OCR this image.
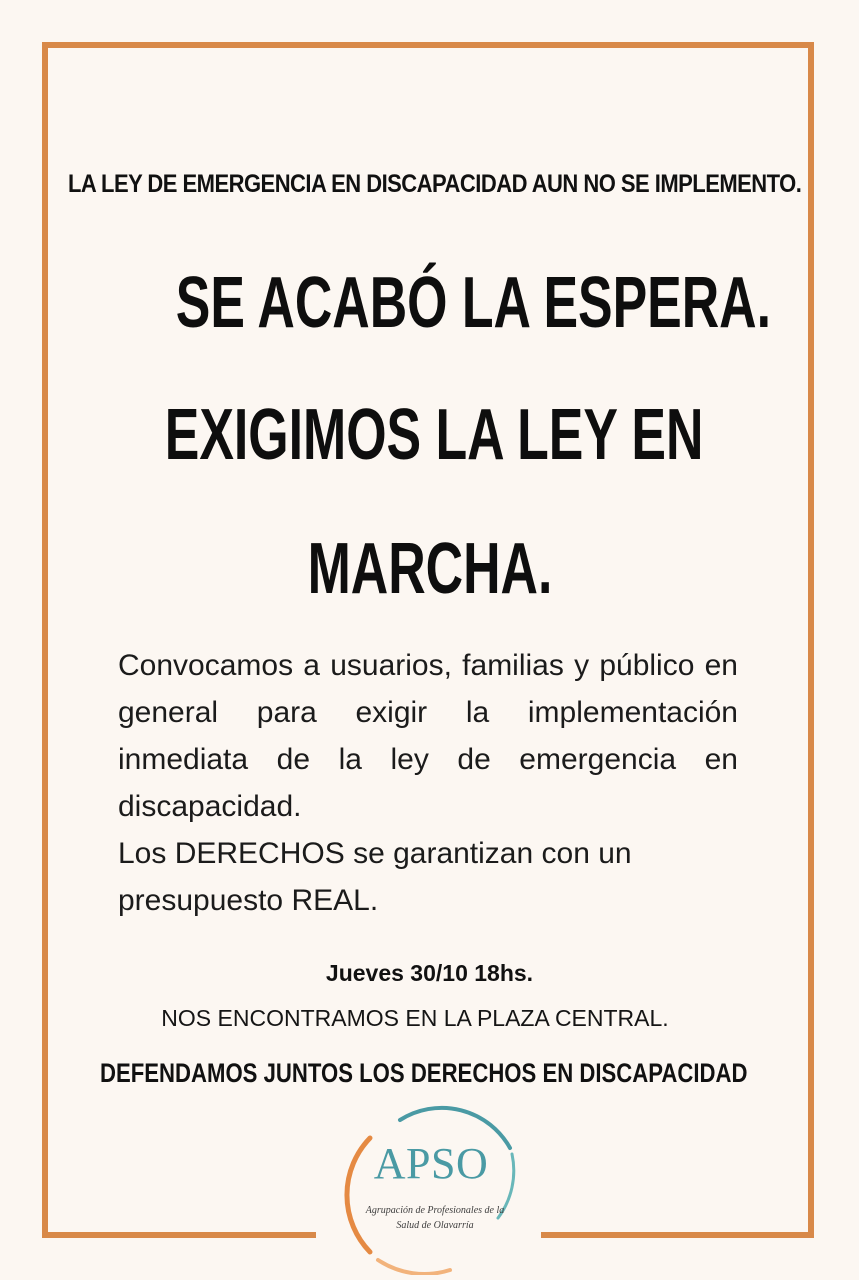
LA LEY DE EMERGENCIA EN DISCAPACIDAD AUN NO SE IMPLEMENTO.
SE ACABÓ LA ESPERA.
EXIGIMOS LA LEY EN
MARCHA.

Convocamos a usuarios, familias y público en general para exigir la implementación inmediata de la ley de emergencia en discapacidad.

Los DERECHOS se garantizan con un presupuesto REAL.

Jueves 30/10 18hs.
NOS ENCONTRAMOS EN LA PLAZA CENTRAL.
DEFENDAMOS JUNTOS LOS DERECHOS EN DISCAPACIDAD
APSO
Agrupación de Profesionales de la Salud de Olavarría
